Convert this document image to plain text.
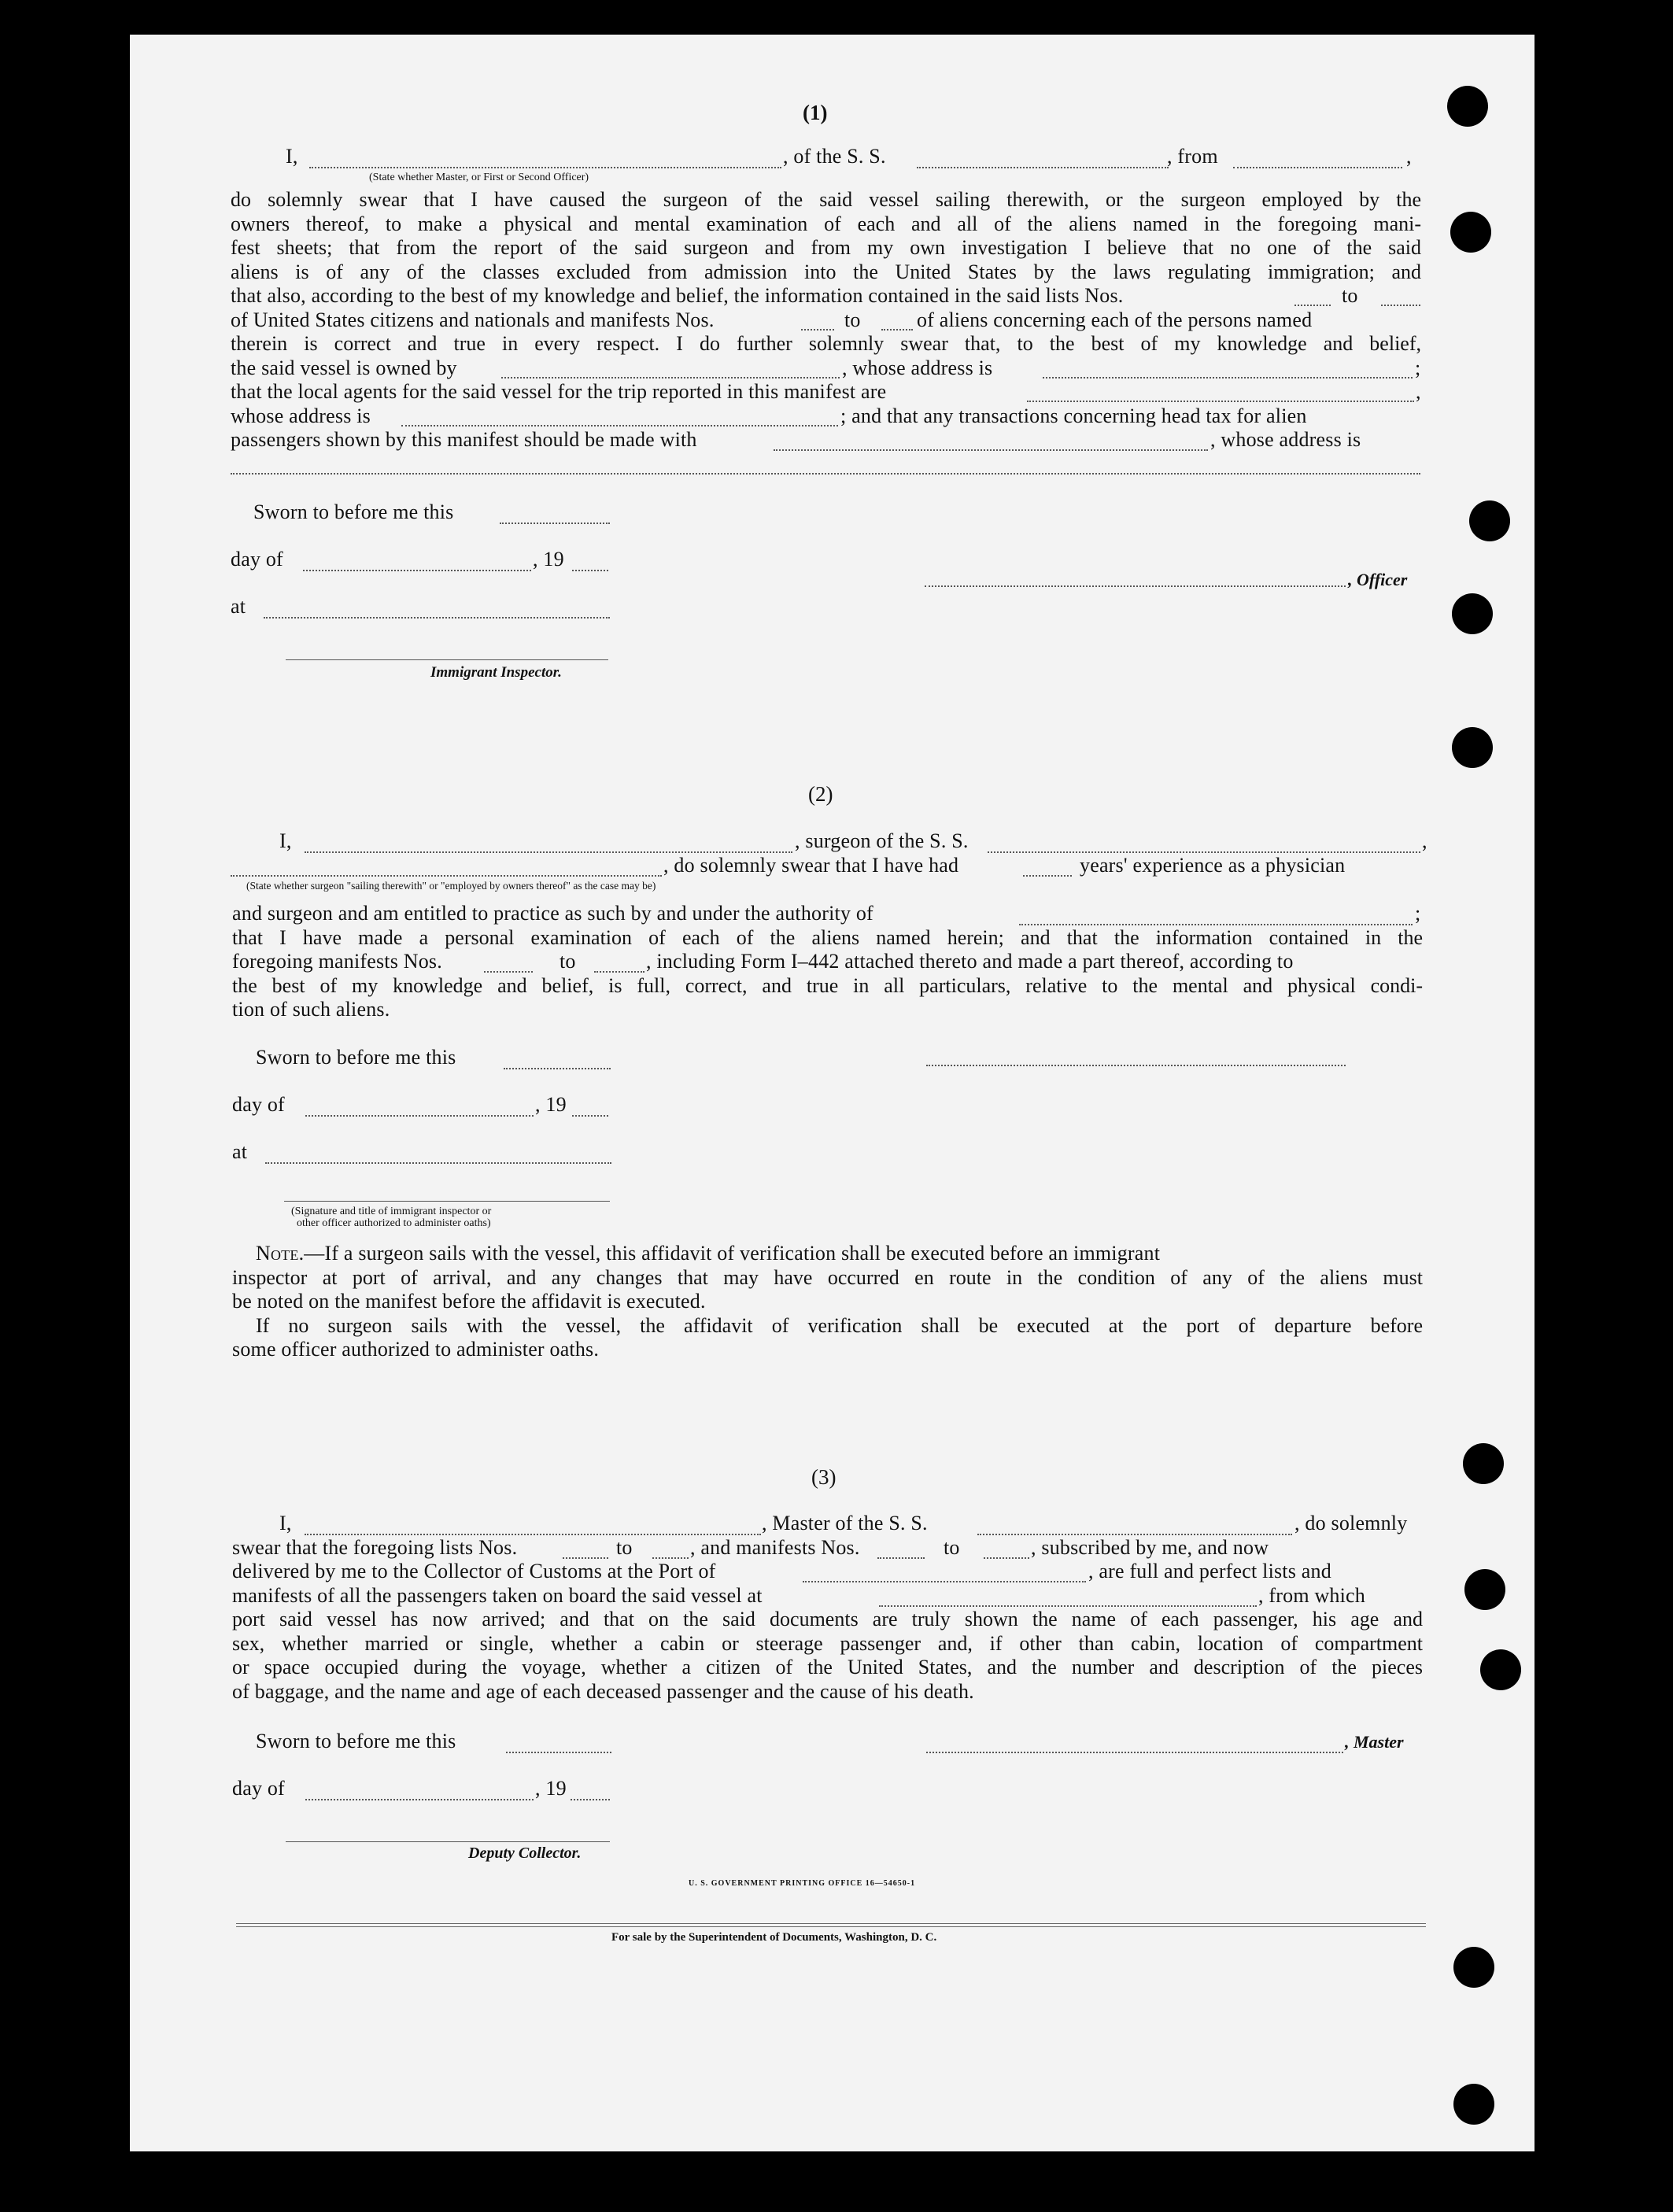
(1)
I,	, of the S. S.	, from	,
(State whether Master, or First or Second Officer)
do solemnly swear that I have caused the surgeon of the said vessel sailing therewith, or the surgeon employed by the
owners thereof, to make a physical and mental examination of each and all of the aliens named in the foregoing mani-
fest sheets; that from the report of the said surgeon and from my own investigation I believe that no one of the said
aliens is of any of the classes excluded from admission into the United States by the laws regulating immigration; and
that also, according to the best of my knowledge and belief, the information contained in the said lists Nos.	to
of United States citizens and nationals and manifests Nos.	to	of aliens concerning each of the persons named
therein is correct and true in every respect. I do further solemnly swear that, to the best of my knowledge and belief,
the said vessel is owned by	, whose address is	;
that the local agents for the said vessel for the trip reported in this manifest are	,
whose address is	; and that any transactions concerning head tax for alien
passengers shown by this manifest should be made with	, whose address is
Sworn to before me this
day of	, 19
, Officer
at
Immigrant Inspector.
(2)
I,	, surgeon of the S. S.	,
, do solemnly swear that I have had	years' experience as a physician
(State whether surgeon "sailing therewith" or "employed by owners thereof" as the case may be)
and surgeon and am entitled to practice as such by and under the authority of	;
that I have made a personal examination of each of the aliens named herein; and that the information contained in the
foregoing manifests Nos.	to	, including Form I–442 attached thereto and made a part thereof, according to
the best of my knowledge and belief, is full, correct, and true in all particulars, relative to the mental and physical condi-
tion of such aliens.
Sworn to before me this
day of	, 19
at
(Signature and title of immigrant inspector or
other officer authorized to administer oaths)
Note.—If a surgeon sails with the vessel, this affidavit of verification shall be executed before an immigrant
inspector at port of arrival, and any changes that may have occurred en route in the condition of any of the aliens must
be noted on the manifest before the affidavit is executed.
If no surgeon sails with the vessel, the affidavit of verification shall be executed at the port of departure before
some officer authorized to administer oaths.
(3)
I,	, Master of the S. S.	, do solemnly
swear that the foregoing lists Nos.	to	, and manifests Nos.	to	, subscribed by me, and now
delivered by me to the Collector of Customs at the Port of	, are full and perfect lists and
manifests of all the passengers taken on board the said vessel at	, from which
port said vessel has now arrived; and that on the said documents are truly shown the name of each passenger, his age and
sex, whether married or single, whether a cabin or steerage passenger and, if other than cabin, location of compartment
or space occupied during the voyage, whether a citizen of the United States, and the number and description of the pieces
of baggage, and the name and age of each deceased passenger and the cause of his death.
Sworn to before me this	, Master
day of	, 19
Deputy Collector.
U. S. GOVERNMENT PRINTING OFFICE 16—54650-1
For sale by the Superintendent of Documents, Washington, D. C.
